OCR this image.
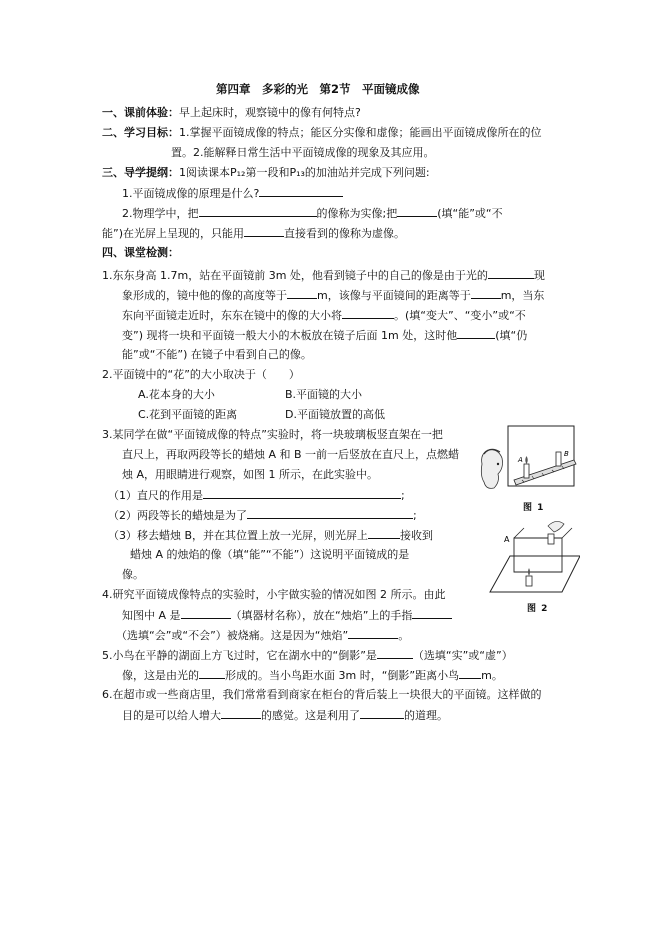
第四章　多彩的光　第2节　平面镜成像
一、课前体验：早上起床时，观察镜中的像有何特点?
二、学习目标：1.掌握平面镜成像的特点；能区分实像和虚像；能画出平面镜成像所在的位
置。2.能解释日常生活中平面镜成像的现象及其应用。
三、导学提纲：1阅读课本P₁₂第一段和P₁₃的加油站并完成下列问题:
1.平面镜成像的原理是什么?
2.物理学中，把	的像称为实像;把	(填“能”或“不
能”)在光屏上呈现的，只能用	直接看到的像称为虚像。
四、课堂检测：
1.东东身高 1.7m，站在平面镜前 3m 处，他看到镜子中的自己的像是由于光的	现
象形成的，镜中他的像的高度等于	m，该像与平面镜间的距离等于	m，当东
东向平面镜走近时，东东在镜中的像的大小将	。(填“变大”、“变小”或“不
变”) 现将一块和平面镜一般大小的木板放在镜子后面 1m 处，这时他	(填“仍
能”或“不能”) 在镜子中看到自己的像。
2.平面镜中的“花”的大小取决于（　　）
A.花本身的大小	B.平面镜的大小
C.花到平面镜的距离	D.平面镜放置的高低
3.某同学在做“平面镜成像的特点”实验时，将一块玻璃板竖直架在一把
直尺上，再取两段等长的蜡烛 A 和 B 一前一后竖放在直尺上，点燃蜡
烛 A，用眼睛进行观察，如图 1 所示，在此实验中。
（1）直尺的作用是	;
（2）两段等长的蜡烛是为了	;
（3）移去蜡烛 B，并在其位置上放一光屏，则光屏上	接收到
蜡烛 A 的烛焰的像（填“能”“不能”）这说明平面镜成的是
像。
4.研究平面镜成像特点的实验时，小宇做实验的情况如图 2 所示。由此
知图中 A 是	（填器材名称），放在“烛焰”上的手指
（选填“会”或“不会”）被烧痛。这是因为“烛焰”	。
5.小鸟在平静的湖面上方飞过时，它在湖水中的“倒影”是	（选填“实”或“虚”）
像，这是由光的 形成的。当小鸟距水面 3m 时，“倒影”距离小鸟 m。
6.在超市或一些商店里，我们常常看到商家在柜台的背后装上一块很大的平面镜。这样做的
目的是可以给人增大	的感觉。这是利用了	的道理。
B
A
图 1
A
图 2
